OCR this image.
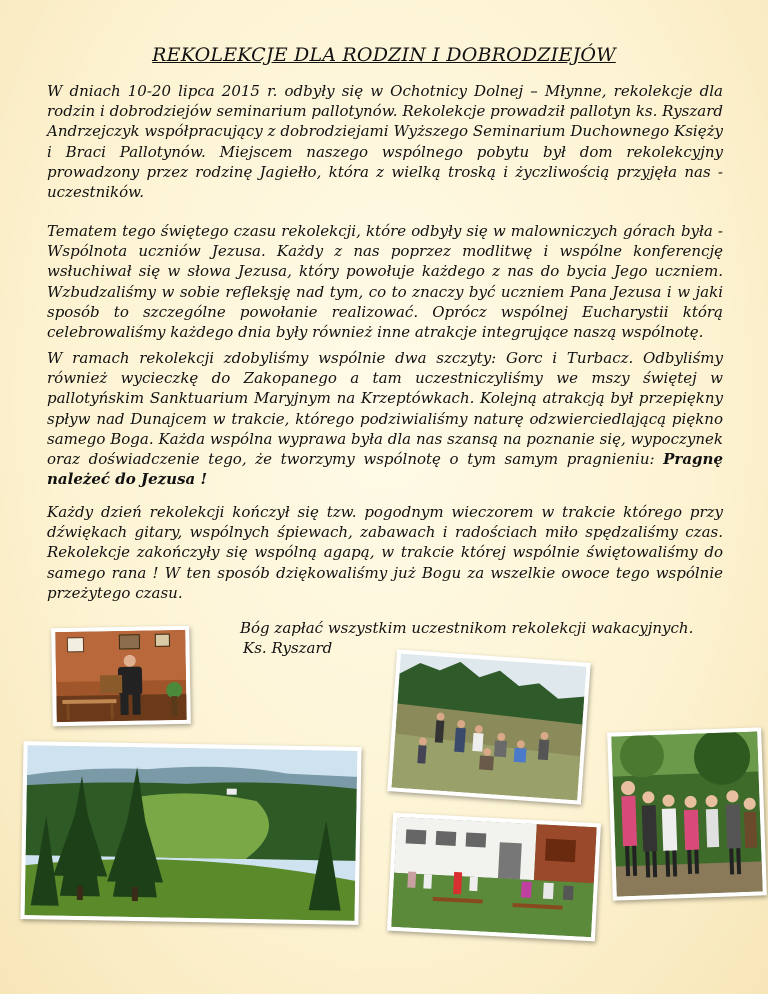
REKOLEKCJE DLA RODZIN I DOBRODZIEJÓW

W dniach 10-20 lipca 2015 r. odbyły się w Ochotnicy Dolnej – Młynne, rekolekcje dla rodzin i dobrodziejów seminarium pallotynów. Rekolekcje prowadził pallotyn ks. Ryszard Andrzejczyk współpracujący z dobrodziejami Wyższego Seminarium Duchownego Księży i Braci Pallotynów. Miejscem naszego wspólnego pobytu był dom rekolekcyjny prowadzony przez rodzinę Jagiełło, która z wielką troską i życzliwością przyjęła nas - uczestników.

Tematem tego świętego czasu rekolekcji, które odbyły się w malowniczych górach była - Wspólnota uczniów Jezusa. Każdy z nas poprzez modlitwę i wspólne konferencję wsłuchiwał się w słowa Jezusa, który powołuje każdego z nas do bycia Jego uczniem. Wzbudzaliśmy w sobie refleksję nad tym, co to znaczy być uczniem Pana Jezusa i w jaki sposób to szczególne powołanie realizować. Oprócz wspólnej Eucharystii którą celebrowaliśmy każdego dnia były również inne atrakcje integrujące naszą wspólnotę.

W ramach rekolekcji zdobyliśmy wspólnie dwa szczyty: Gorc i Turbacz. Odbyliśmy również wycieczkę do Zakopanego a tam uczestniczyliśmy we mszy świętej w pallotyńskim Sanktuarium Maryjnym na Krzeptówkach. Kolejną atrakcją był przepiękny spływ nad Dunajcem w trakcie, którego podziwialiśmy naturę odzwierciedlającą piękno samego Boga. Każda wspólna wyprawa była dla nas szansą na poznanie się, wypoczynek oraz doświadczenie tego, że tworzymy wspólnotę o tym samym pragnieniu: Pragnę należeć do Jezusa !

Każdy dzień rekolekcji kończył się tzw. pogodnym wieczorem w trakcie którego przy dźwiękach gitary, wspólnych śpiewach, zabawach i radościach miło spędzaliśmy czas. Rekolekcje zakończyły się wspólną agapą, w trakcie której wspólnie świętowaliśmy do samego rana ! W ten sposób dziękowaliśmy już Bogu za wszelkie owoce tego wspólnie przeżytego czasu.

Bóg zapłać wszystkim uczestnikom rekolekcji wakacyjnych.
Ks. Ryszard
